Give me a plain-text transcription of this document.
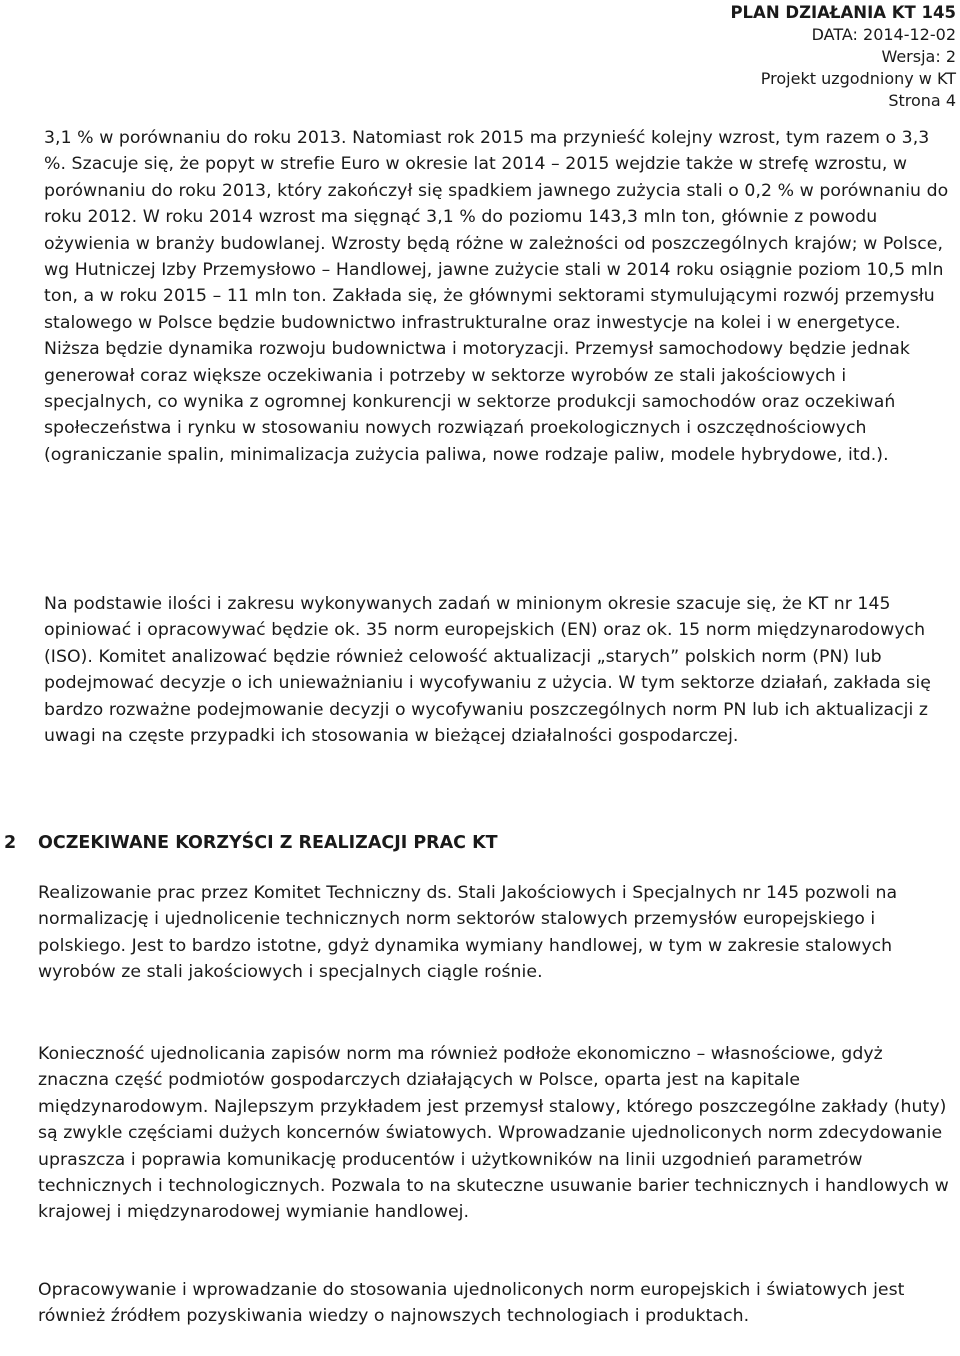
PLAN DZIAŁANIA KT 145
DATA: 2014-12-02
Wersja: 2
Projekt uzgodniony w KT
Strona 4

3,1 % w porównaniu do roku 2013. Natomiast rok 2015 ma przynieść kolejny wzrost, tym razem o 3,3 %. Szacuje się, że popyt w strefie Euro w okresie lat 2014 – 2015 wejdzie także w strefę wzrostu, w porównaniu do roku 2013, który zakończył się spadkiem jawnego zużycia stali o 0,2 % w porównaniu do roku 2012. W roku 2014 wzrost ma sięgnąć 3,1 % do poziomu 143,3 mln ton, głównie z powodu ożywienia w branży budowlanej. Wzrosty będą różne w zależności od poszczególnych krajów; w Polsce, wg Hutniczej Izby Przemysłowo – Handlowej, jawne zużycie stali w 2014 roku osiągnie poziom 10,5 mln ton, a w roku 2015 – 11 mln ton. Zakłada się, że głównymi sektorami stymulującymi rozwój przemysłu stalowego w Polsce będzie budownictwo infrastrukturalne oraz inwestycje na kolei i w energetyce. Niższa będzie dynamika rozwoju budownictwa i motoryzacji. Przemysł samochodowy będzie jednak generował coraz większe oczekiwania i potrzeby w sektorze wyrobów ze stali jakościowych i specjalnych, co wynika z ogromnej konkurencji w sektorze produkcji samochodów oraz oczekiwań społeczeństwa i rynku w stosowaniu nowych rozwiązań proekologicznych i oszczędnościowych (ograniczanie spalin, minimalizacja zużycia paliwa, nowe rodzaje paliw, modele hybrydowe, itd.).

Na podstawie ilości i zakresu wykonywanych zadań w minionym okresie szacuje się, że KT nr 145 opiniować i opracowywać będzie ok. 35 norm europejskich (EN) oraz ok. 15 norm międzynarodowych (ISO). Komitet analizować będzie również celowość aktualizacji „starych” polskich norm (PN) lub podejmować decyzje o ich unieważnianiu i wycofywaniu z użycia. W tym sektorze działań, zakłada się bardzo rozważne podejmowanie decyzji o wycofywaniu poszczególnych norm PN lub ich aktualizacji z uwagi na częste przypadki ich stosowania w bieżącej działalności gospodarczej.

2 OCZEKIWANE KORZYŚCI Z REALIZACJI PRAC KT

Realizowanie prac przez Komitet Techniczny ds. Stali Jakościowych i Specjalnych nr 145 pozwoli na normalizację i ujednolicenie technicznych norm sektorów stalowych przemysłów europejskiego i polskiego. Jest to bardzo istotne, gdyż dynamika wymiany handlowej, w tym w zakresie stalowych wyrobów ze stali jakościowych i specjalnych ciągle rośnie.

Konieczność ujednolicania zapisów norm ma również podłoże ekonomiczno – własnościowe, gdyż znaczna część podmiotów gospodarczych działających w Polsce, oparta jest na kapitale międzynarodowym. Najlepszym przykładem jest przemysł stalowy, którego poszczególne zakłady (huty) są zwykle częściami dużych koncernów światowych. Wprowadzanie ujednoliconych norm zdecydowanie upraszcza i poprawia komunikację producentów i użytkowników na linii uzgodnień parametrów technicznych i technologicznych. Pozwala to na skuteczne usuwanie barier technicznych i handlowych w krajowej i międzynarodowej wymianie handlowej.

Opracowywanie i wprowadzanie do stosowania ujednoliconych norm europejskich i światowych jest również źródłem pozyskiwania wiedzy o najnowszych technologiach i produktach.
